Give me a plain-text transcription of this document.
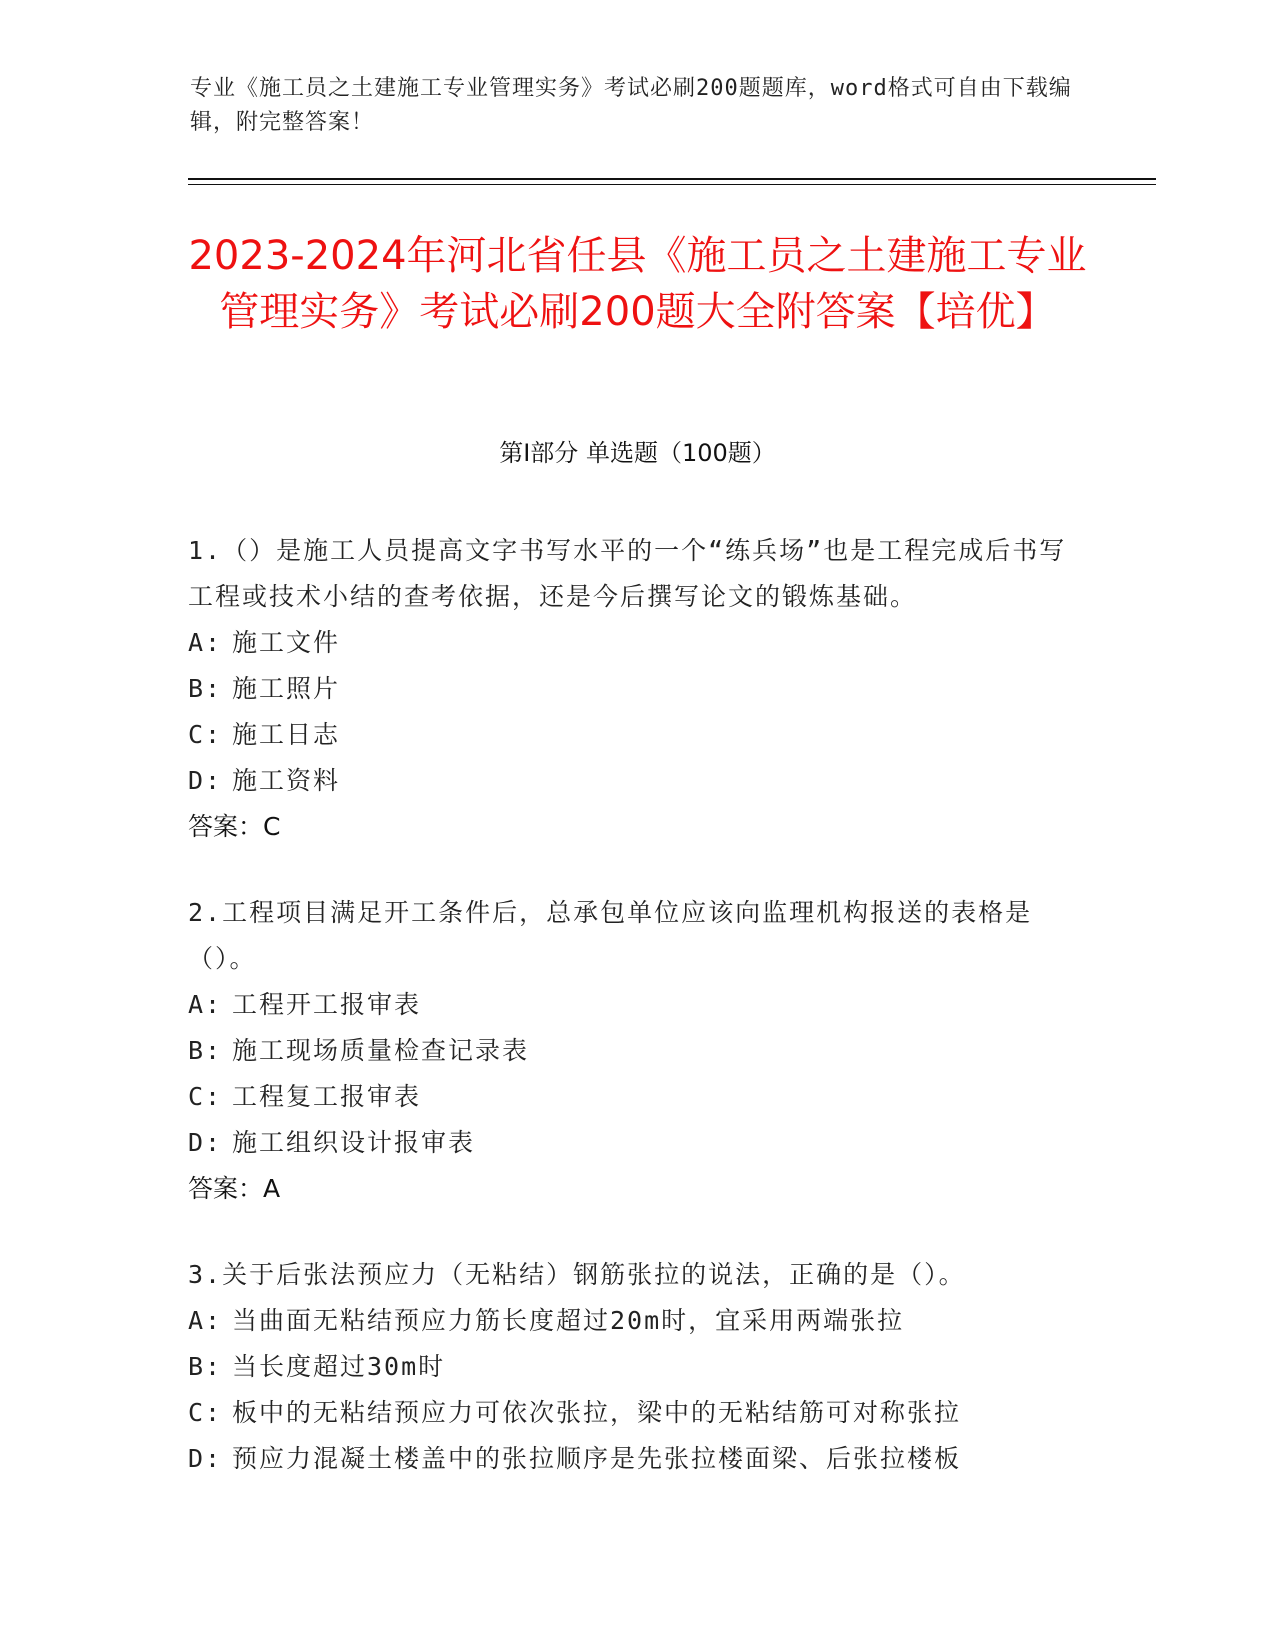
专业《施工员之土建施工专业管理实务》考试必刷200题题库，word格式可自由下载编辑，附完整答案！
2023-2024年河北省任县《施工员之土建施工专业管理实务》考试必刷200题大全附答案【培优】
第I部分 单选题（100题）
1.（）是施工人员提高文字书写水平的一个“练兵场”也是工程完成后书写工程或技术小结的查考依据，还是今后撰写论文的锻炼基础。
A: 施工文件
B: 施工照片
C: 施工日志
D: 施工资料
答案：C
2.工程项目满足开工条件后，总承包单位应该向监理机构报送的表格是（）。
A: 工程开工报审表
B: 施工现场质量检查记录表
C: 工程复工报审表
D: 施工组织设计报审表
答案：A
3.关于后张法预应力（无粘结）钢筋张拉的说法，正确的是（）。
A: 当曲面无粘结预应力筋长度超过20m时，宜采用两端张拉
B: 当长度超过30m时
C: 板中的无粘结预应力可依次张拉，梁中的无粘结筋可对称张拉
D: 预应力混凝土楼盖中的张拉顺序是先张拉楼面梁、后张拉楼板
